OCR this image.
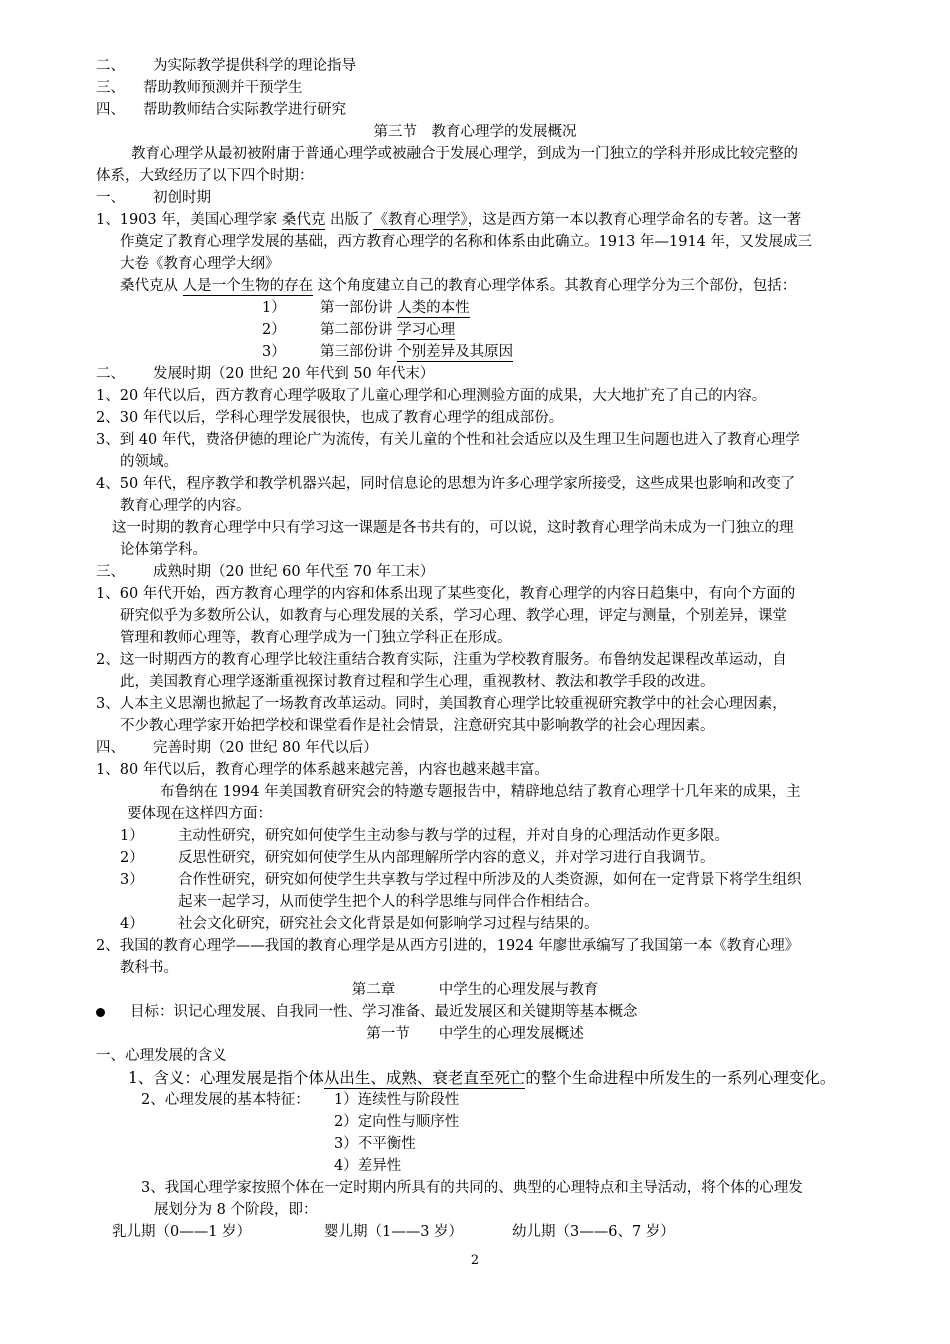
二、 为实际教学提供科学的理论指导
三、 帮助教师预测并干预学生
四、 帮助教师结合实际教学进行研究
第三节　教育心理学的发展概况
教育心理学从最初被附庸于普通心理学或被融合于发展心理学，到成为一门独立的学科并形成比较完整的
体系，大致经历了以下四个时期：
一、 初创时期
1、1903 年，美国心理学家 桑代克 出版了《教育心理学》，这是西方第一本以教育心理学命名的专著。这一著
作奠定了教育心理学发展的基础，西方教育心理学的名称和体系由此确立。1913 年—1914 年，又发展成三
大卷《教育心理学大纲》
桑代克从 人是一个生物的存在 这个角度建立自己的教育心理学体系。其教育心理学分为三个部份，包括：
1） 第一部份讲 人类的本性
2） 第二部份讲 学习心理
3） 第三部份讲 个别差异及其原因
二、 发展时期（20 世纪 20 年代到 50 年代末）
1、20 年代以后，西方教育心理学吸取了儿童心理学和心理测验方面的成果，大大地扩充了自己的内容。
2、30 年代以后，学科心理学发展很快，也成了教育心理学的组成部份。
3、到 40 年代，费洛伊德的理论广为流传，有关儿童的个性和社会适应以及生理卫生问题也进入了教育心理学
的领域。
4、50 年代，程序教学和教学机器兴起，同时信息论的思想为许多心理学家所接受，这些成果也影响和改变了
教育心理学的内容。
这一时期的教育心理学中只有学习这一课题是各书共有的，可以说，这时教育心理学尚未成为一门独立的理
论体第学科。
三、 成熟时期（20 世纪 60 年代至 70 年工末）
1、60 年代开始，西方教育心理学的内容和体系出现了某些变化，教育心理学的内容日趋集中，有向个方面的
研究似乎为多数所公认，如教育与心理发展的关系，学习心理、教学心理，评定与测量，个别差异，课堂
管理和教师心理等，教育心理学成为一门独立学科正在形成。
2、这一时期西方的教育心理学比较注重结合教育实际，注重为学校教育服务。布鲁纳发起课程改革运动，自
此，美国教育心理学逐渐重视探讨教育过程和学生心理，重视教材、教法和教学手段的改进。
3、人本主义思潮也掀起了一场教育改革运动。同时，美国教育心理学比较重视研究教学中的社会心理因素，
不少教心理学家开始把学校和课堂看作是社会情景，注意研究其中影响教学的社会心理因素。
四、 完善时期（20 世纪 80 年代以后）
1、80 年代以后，教育心理学的体系越来越完善，内容也越来越丰富。
布鲁纳在 1994 年美国教育研究会的特邀专题报告中，精辟地总结了教育心理学十几年来的成果，主
要体现在这样四方面：
1） 主动性研究，研究如何使学生主动参与教与学的过程，并对自身的心理活动作更多限。
2） 反思性研究，研究如何使学生从内部理解所学内容的意义，并对学习进行自我调节。
3） 合作性研究，研究如何使学生共享教与学过程中所涉及的人类资源，如何在一定背景下将学生组织
起来一起学习，从而使学生把个人的科学思维与同伴合作相结合。
4） 社会文化研究，研究社会文化背景是如何影响学习过程与结果的。
2、我国的教育心理学——我国的教育心理学是从西方引进的，1924 年廖世承编写了我国第一本《教育心理》
教科书。
第二章　　　中学生的心理发展与教育
目标：识记心理发展、自我同一性、学习准备、最近发展区和关键期等基本概念
第一节　　中学生的心理发展概述
一、心理发展的含义
1、含义：心理发展是指个体从出生、成熟、衰老直至死亡的整个生命进程中所发生的一系列心理变化。
2、心理发展的基本特征： 1）连续性与阶段性
2）定向性与顺序性
3）不平衡性
4）差异性
3、我国心理学家按照个体在一定时期内所具有的共同的、典型的心理特点和主导活动，将个体的心理发
展划分为 8 个阶段，即：
乳儿期（0——1 岁）	婴儿期（1——3 岁）	幼儿期（3——6、7 岁）
2
